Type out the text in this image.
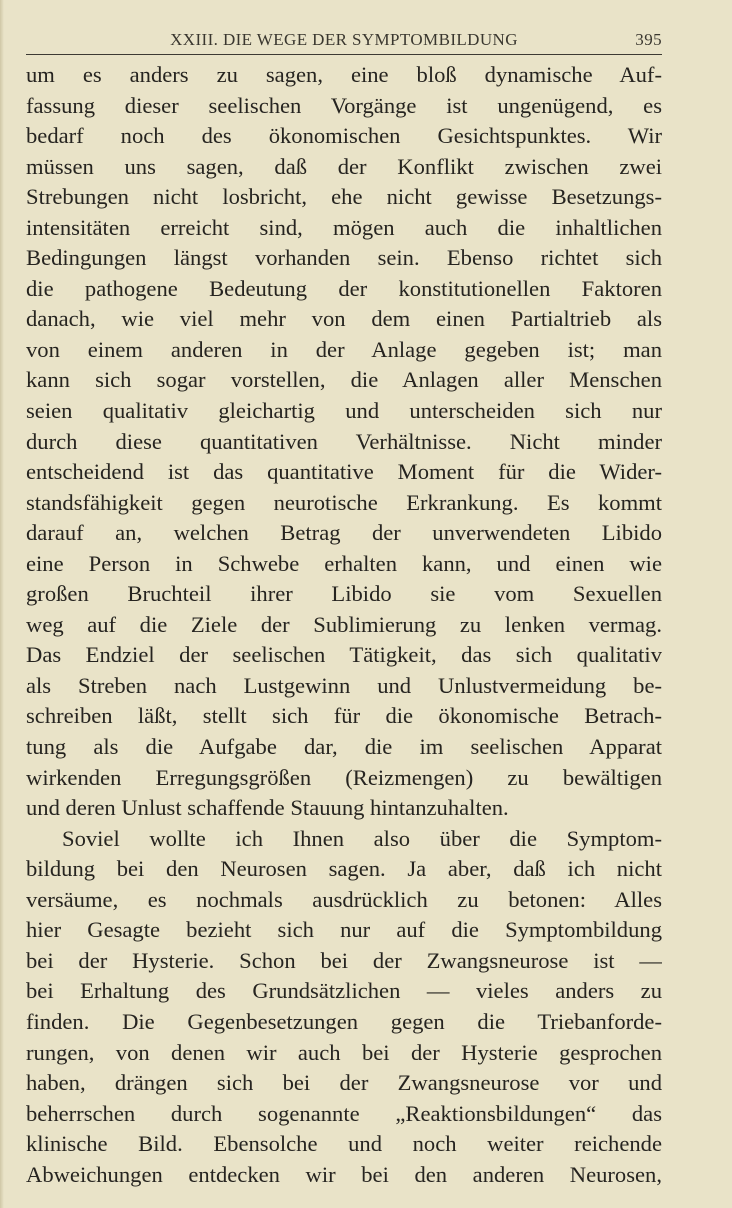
XXIII. DIE WEGE DER SYMPTOMBILDUNG	395
um es anders zu sagen, eine bloß dynamische Auf-
fassung dieser seelischen Vorgänge ist ungenügend, es
bedarf noch des ökonomischen Gesichtspunktes. Wir
müssen uns sagen, daß der Konflikt zwischen zwei
Strebungen nicht losbricht, ehe nicht gewisse Besetzungs-
intensitäten erreicht sind, mögen auch die inhaltlichen
Bedingungen längst vorhanden sein. Ebenso richtet sich
die pathogene Bedeutung der konstitutionellen Faktoren
danach, wie viel mehr von dem einen Partialtrieb als
von einem anderen in der Anlage gegeben ist; man
kann sich sogar vorstellen, die Anlagen aller Menschen
seien qualitativ gleichartig und unterscheiden sich nur
durch diese quantitativen Verhältnisse. Nicht minder
entscheidend ist das quantitative Moment für die Wider-
standsfähigkeit gegen neurotische Erkrankung. Es kommt
darauf an, welchen Betrag der unverwendeten Libido
eine Person in Schwebe erhalten kann, und einen wie
großen Bruchteil ihrer Libido sie vom Sexuellen
weg auf die Ziele der Sublimierung zu lenken vermag.
Das Endziel der seelischen Tätigkeit, das sich qualitativ
als Streben nach Lustgewinn und Unlustvermeidung be-
schreiben läßt, stellt sich für die ökonomische Betrach-
tung als die Aufgabe dar, die im seelischen Apparat
wirkenden Erregungsgrößen (Reizmengen) zu bewältigen
und deren Unlust schaffende Stauung hintanzuhalten.
Soviel wollte ich Ihnen also über die Symptom-
bildung bei den Neurosen sagen. Ja aber, daß ich nicht
versäume, es nochmals ausdrücklich zu betonen: Alles
hier Gesagte bezieht sich nur auf die Symptombildung
bei der Hysterie. Schon bei der Zwangsneurose ist —
bei Erhaltung des Grundsätzlichen — vieles anders zu
finden. Die Gegenbesetzungen gegen die Triebanforde-
rungen, von denen wir auch bei der Hysterie gesprochen
haben, drängen sich bei der Zwangsneurose vor und
beherrschen durch sogenannte „Reaktionsbildungen“ das
klinische Bild. Ebensolche und noch weiter reichende
Abweichungen entdecken wir bei den anderen Neurosen,
